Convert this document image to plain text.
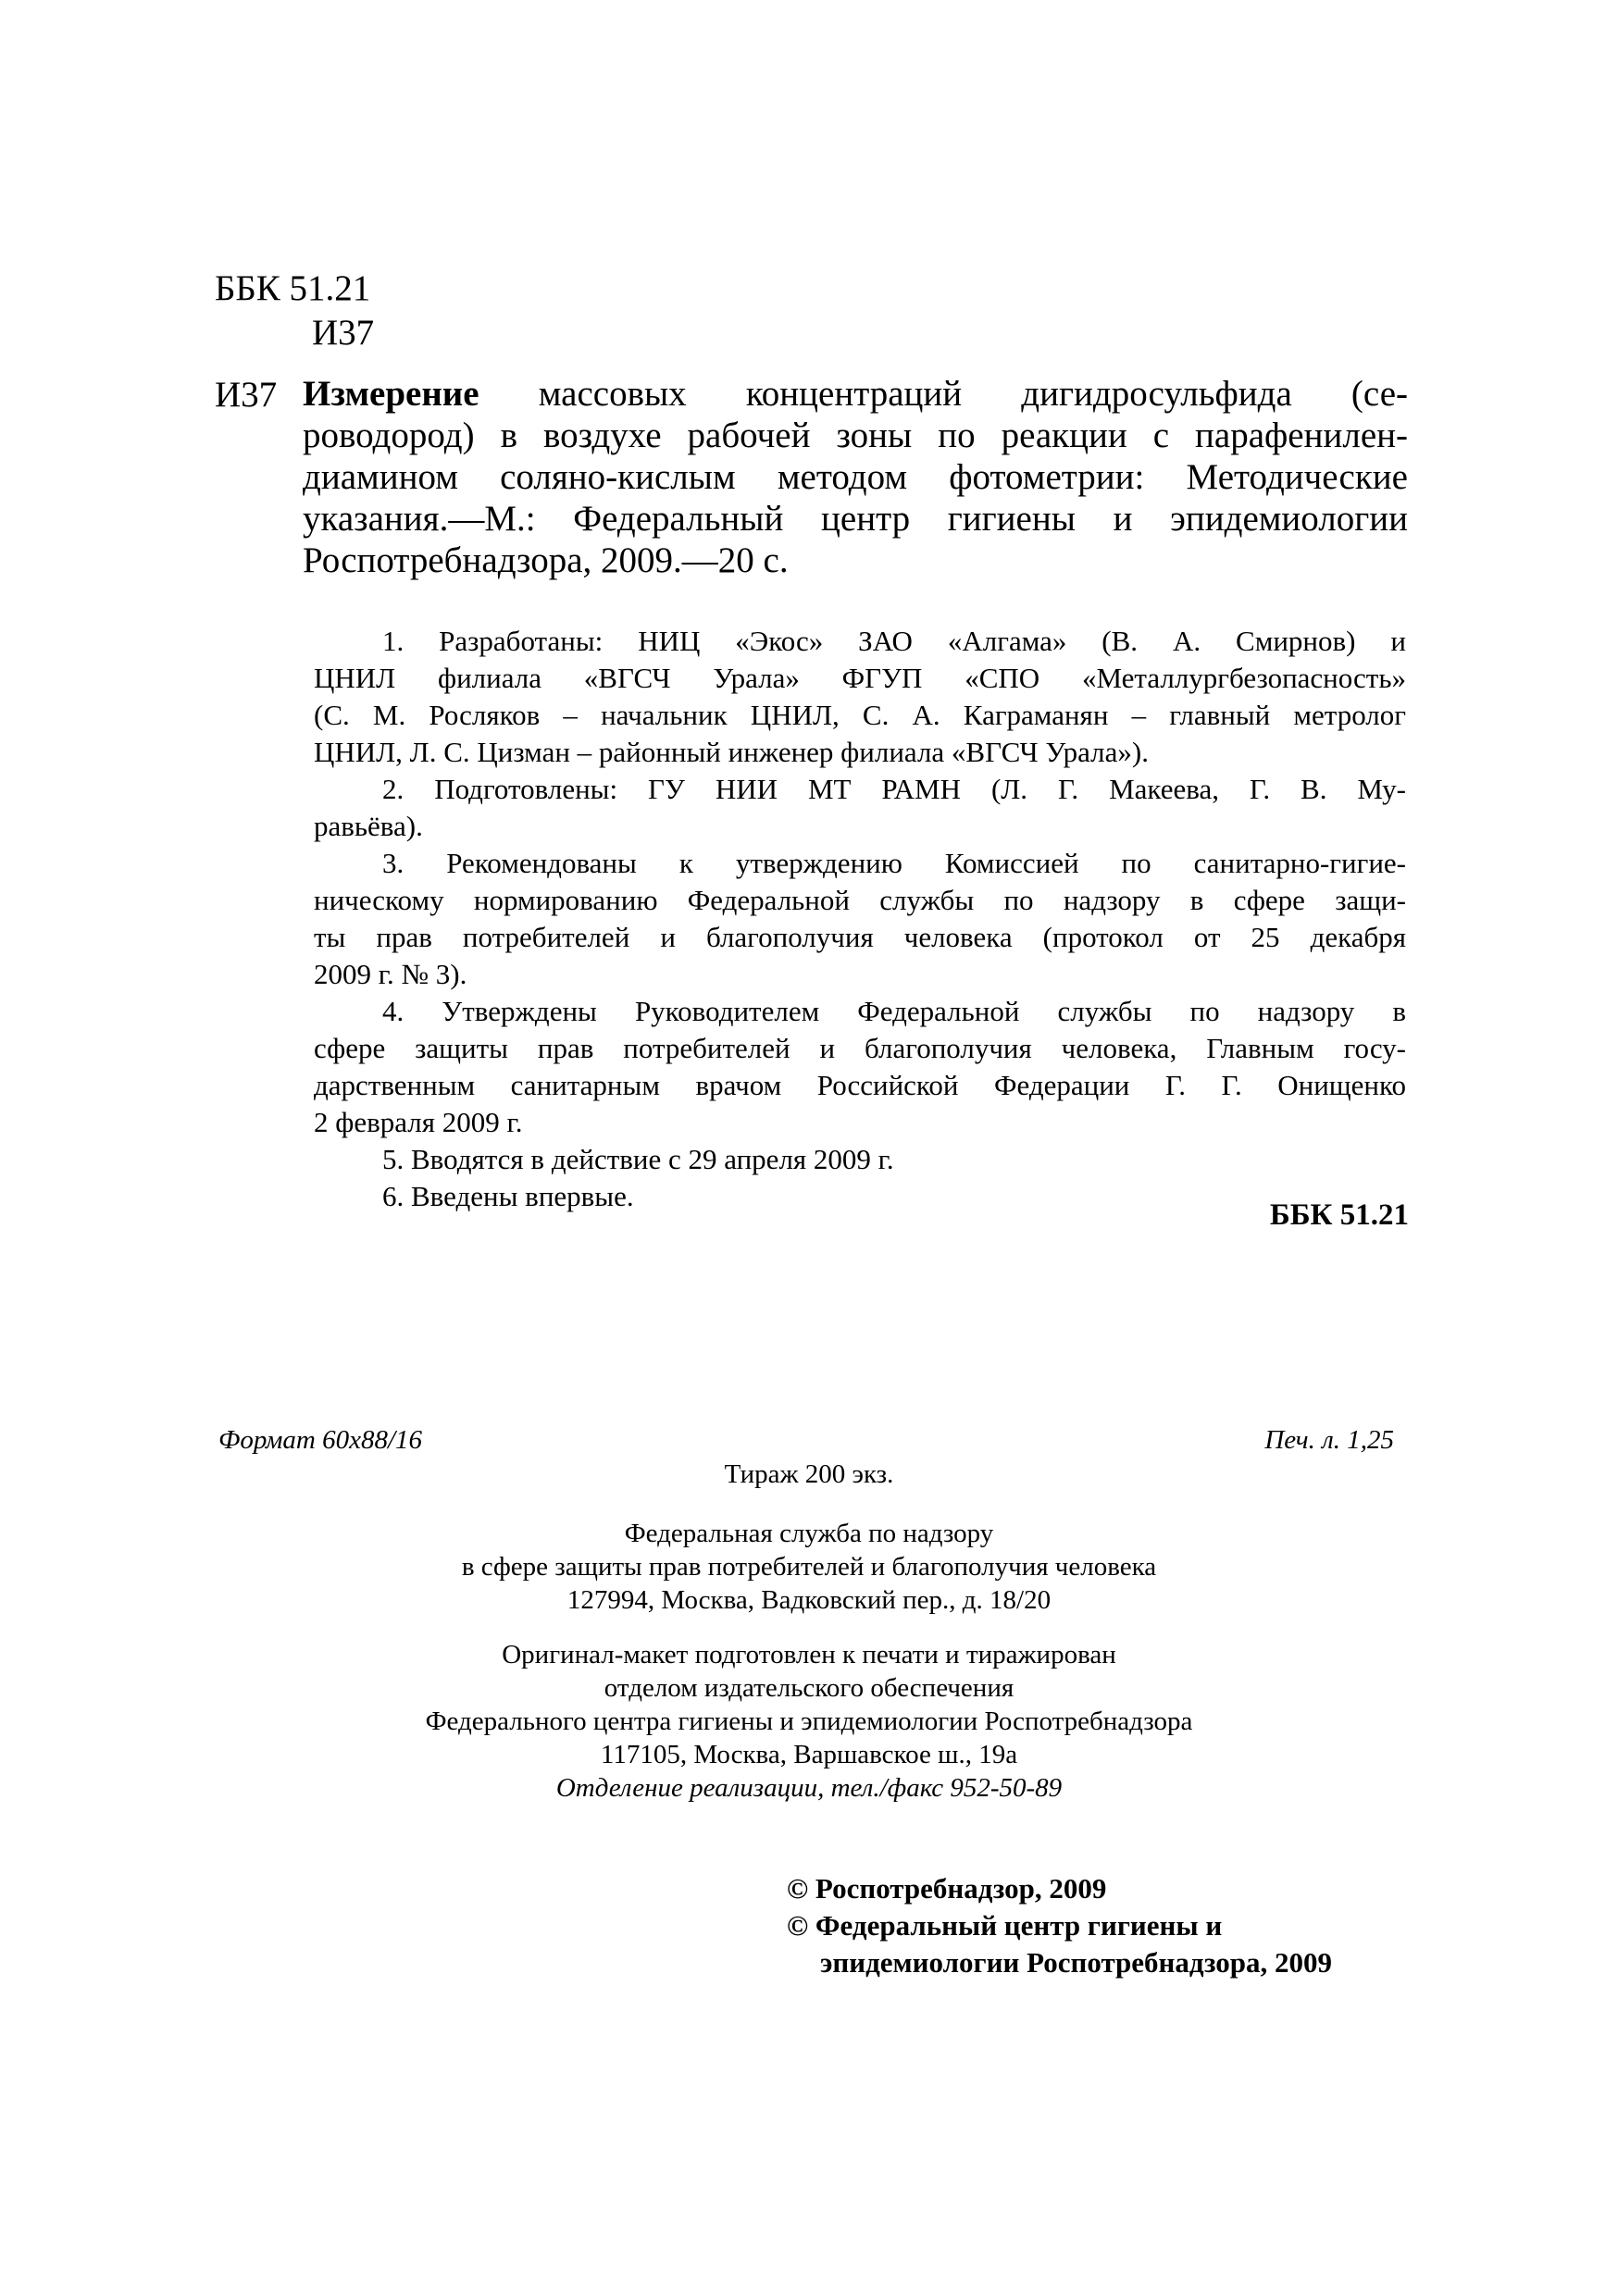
ББК 51.21
И37
И37 Измерение массовых концентраций дигидросульфида (се-
роводород) в воздухе рабочей зоны по реакции с парафенилен-
диамином соляно-кислым методом фотометрии: Методические
указания.—М.: Федеральный центр гигиены и эпидемиологии
Роспотребнадзора, 2009.—20 с.

1. Разработаны: НИЦ «Экос» ЗАО «Алгама» (В. А. Смирнов) и
ЦНИЛ филиала «ВГСЧ Урала» ФГУП «СПО «Металлургбезопасность»
(С. М. Росляков – начальник ЦНИЛ, С. А. Каграманян – главный метролог
ЦНИЛ, Л. С. Цизман – районный инженер филиала «ВГСЧ Урала»).

2. Подготовлены: ГУ НИИ МТ РАМН (Л. Г. Макеева, Г. В. Му-
равьёва).

3. Рекомендованы к утверждению Комиссией по санитарно-гигие-
ническому нормированию Федеральной службы по надзору в сфере защи-
ты прав потребителей и благополучия человека (протокол от 25 декабря
2009 г. № 3).

4. Утверждены Руководителем Федеральной службы по надзору в
сфере защиты прав потребителей и благополучия человека, Главным госу-
дарственным санитарным врачом Российской Федерации Г. Г. Онищенко
2 февраля 2009 г.

5. Вводятся в действие с 29 апреля 2009 г.

6. Введены впервые.

ББК 51.21
Формат 60x88/16	Печ. л. 1,25
Тираж 200 экз.
Федеральная служба по надзору
в сфере защиты прав потребителей и благополучия человека
127994, Москва, Вадковский пер., д. 18/20
Оригинал-макет подготовлен к печати и тиражирован
отделом издательского обеспечения
Федерального центра гигиены и эпидемиологии Роспотребнадзора
117105, Москва, Варшавское ш., 19а
Отделение реализации, тел./факс 952-50-89
© Роспотребнадзор, 2009
© Федеральный центр гигиены и
эпидемиологии Роспотребнадзора, 2009
